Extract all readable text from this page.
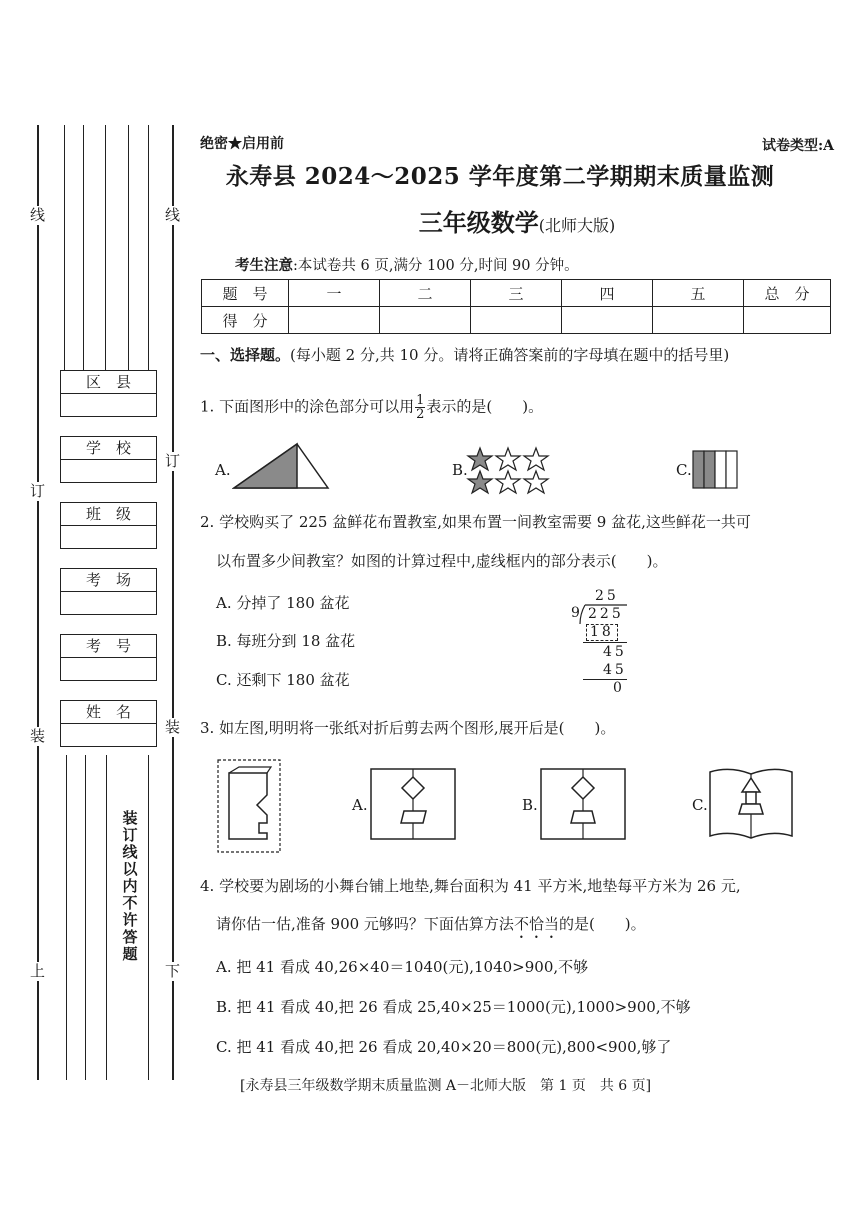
线
订
装
上
线
订
装
下
区　县
学　校
班　级
考　场
考　号
姓　名
装订线以内不许答题
绝密★启用前	试卷类型:A
永寿县 2024～2025 学年度第二学期期末质量监测
三年级数学(北师大版)
考生注意:本试卷共 6 页,满分 100 分,时间 90 分钟。
题　号	一	二	三	四	五	总　分
得　分						
一、选择题。(每小题 2 分,共 10 分。请将正确答案前的字母填在题中的括号里)
1. 下面图形中的涂色部分可以用 $\frac{1}{2}$ 表示的是(　　)。
A.	B.	C.
2. 学校购买了 225 盆鲜花布置教室,如果布置一间教室需要 9 盆花,这些鲜花一共可
以布置多少间教室？如图的计算过程中,虚线框内的部分表示(　　)。
A. 分掉了 180 盆花
B. 每班分到 18 盆花
C. 还剩下 180 盆花
25
9 225
18
45
45
0
3. 如左图,明明将一张纸对折后剪去两个图形,展开后是(　　)。
A.	B.	C.
4. 学校要为剧场的小舞台铺上地垫,舞台面积为 41 平方米,地垫每平方米为 26 元,
请你估一估,准备 900 元够吗？下面估算方法不恰当的是(　　)。
A. 把 41 看成 40,26×40＝1040(元),1040>900,不够
B. 把 41 看成 40,把 26 看成 25,40×25＝1000(元),1000>900,不够
C. 把 41 看成 40,把 26 看成 20,40×20＝800(元),800<900,够了
[永寿县三年级数学期末质量监测 A－北师大版　第 1 页　共 6 页]
